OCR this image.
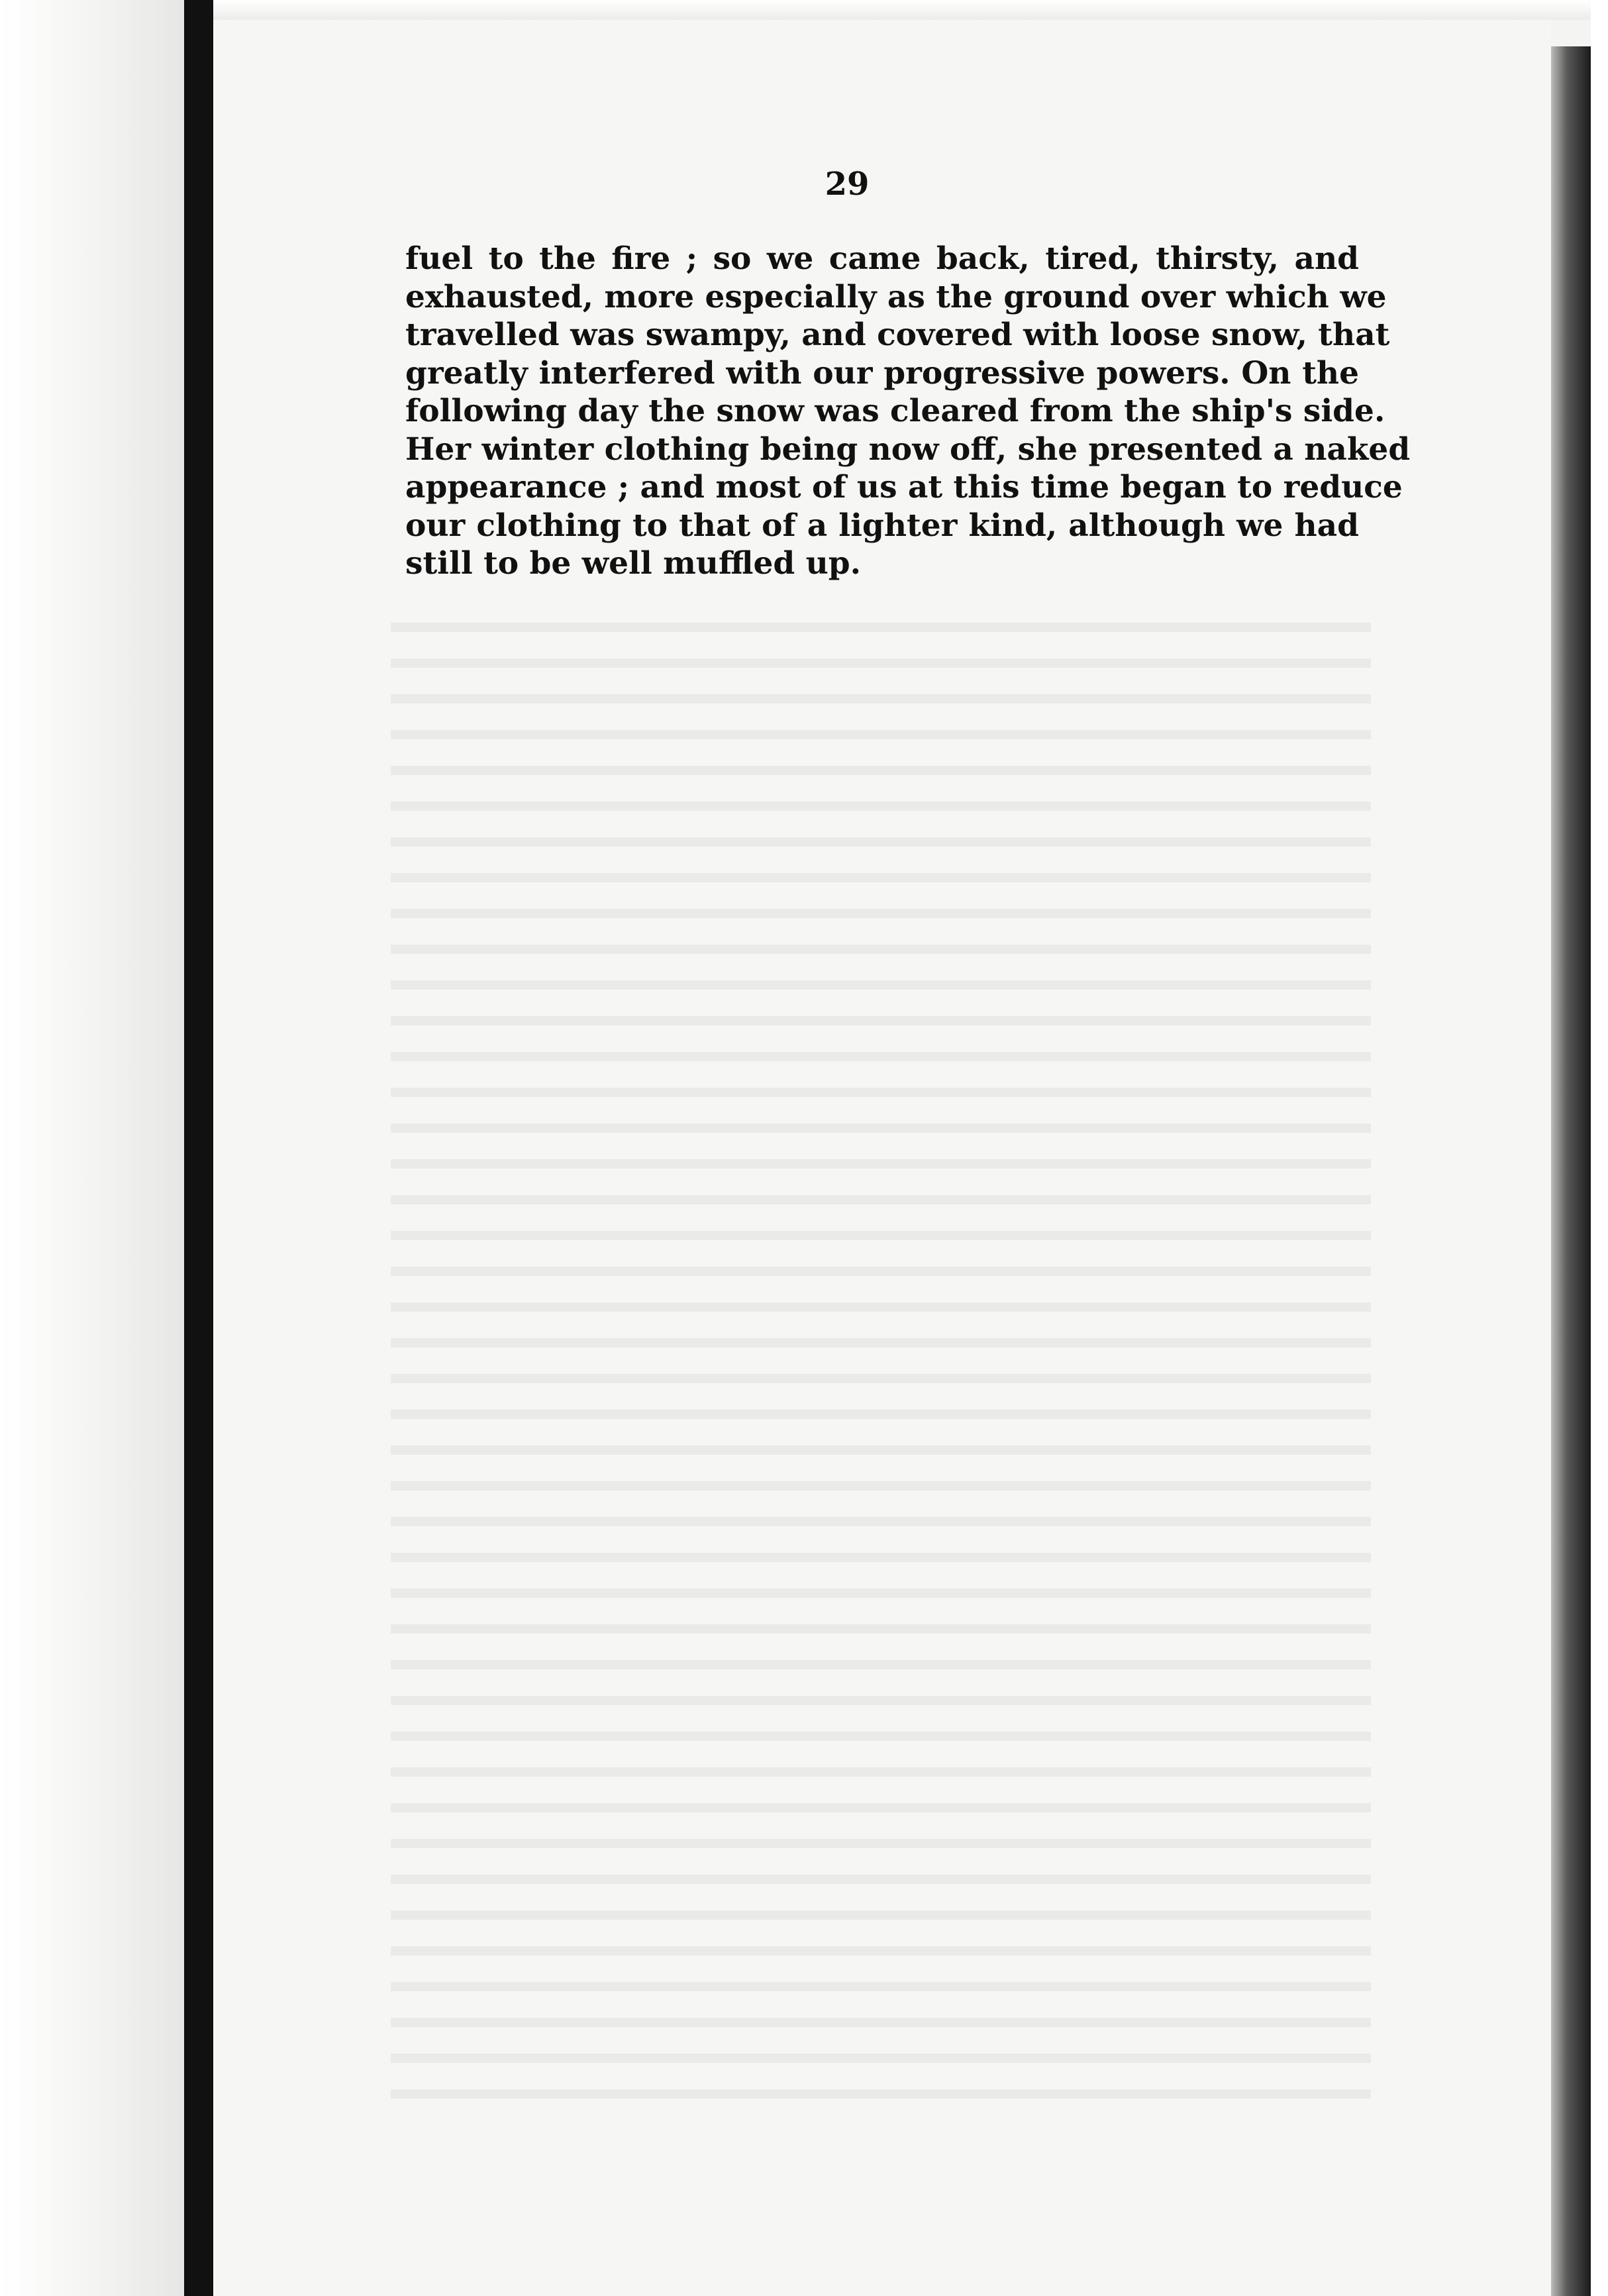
29

fuel to the fire ; so we came back, tired, thirsty, and
exhausted, more especially as the ground over which we
travelled was swampy, and covered with loose snow, that
greatly interfered with our progressive powers. On the
following day the snow was cleared from the ship's side.
Her winter clothing being now off, she presented a naked
appearance ; and most of us at this time began to reduce
our clothing to that of a lighter kind, although we had
still to be well muffled up.
